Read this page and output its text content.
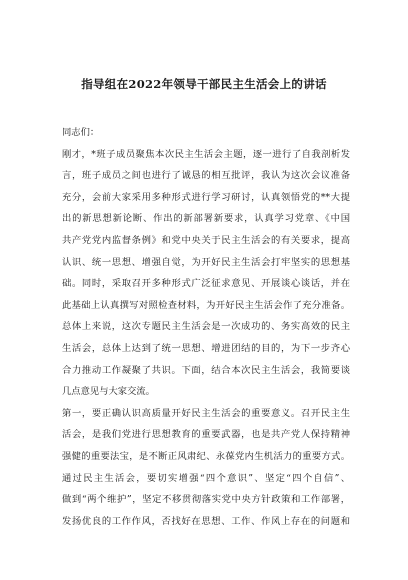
指导组在2022年领导干部民主生活会上的讲话
同志们：
刚才，*班子成员聚焦本次民主生活会主题，逐一进行了自我剖析发
言，班子成员之间也进行了诚恳的相互批评，我认为这次会议准备
充分，会前大家采用多种形式进行学习研讨，认真领悟党的**大提
出的新思想新论断、作出的新部署新要求，认真学习党章、《中国
共产党党内监督条例》和党中央关于民主生活会的有关要求，提高
认识、统一思想、增强自觉，为开好民主生活会打牢坚实的思想基
础。同时，采取召开多种形式广泛征求意见、开展谈心谈话，并在
此基础上认真撰写对照检查材料，为开好民主生活会作了充分准备。
总体上来说，这次专题民主生活会是一次成功的、务实高效的民主
生活会，总体上达到了统一思想、增进团结的目的，为下一步齐心
合力推动工作凝聚了共识。下面，结合本次民主生活会，我简要谈
几点意见与大家交流。
第一，要正确认识高质量开好民主生活会的重要意义。召开民主生
活会，是我们党进行思想教育的重要武器，也是共产党人保持精神
强健的重要法宝，是不断正风肃纪、永葆党内生机活力的重要方式。
通过民主生活会，要切实增强“四个意识”、坚定“四个自信”、
做到“两个维护”，坚定不移贯彻落实党中央方针政策和工作部署，
发扬优良的工作作风，否找好在思想、工作、作风上存在的问题和
